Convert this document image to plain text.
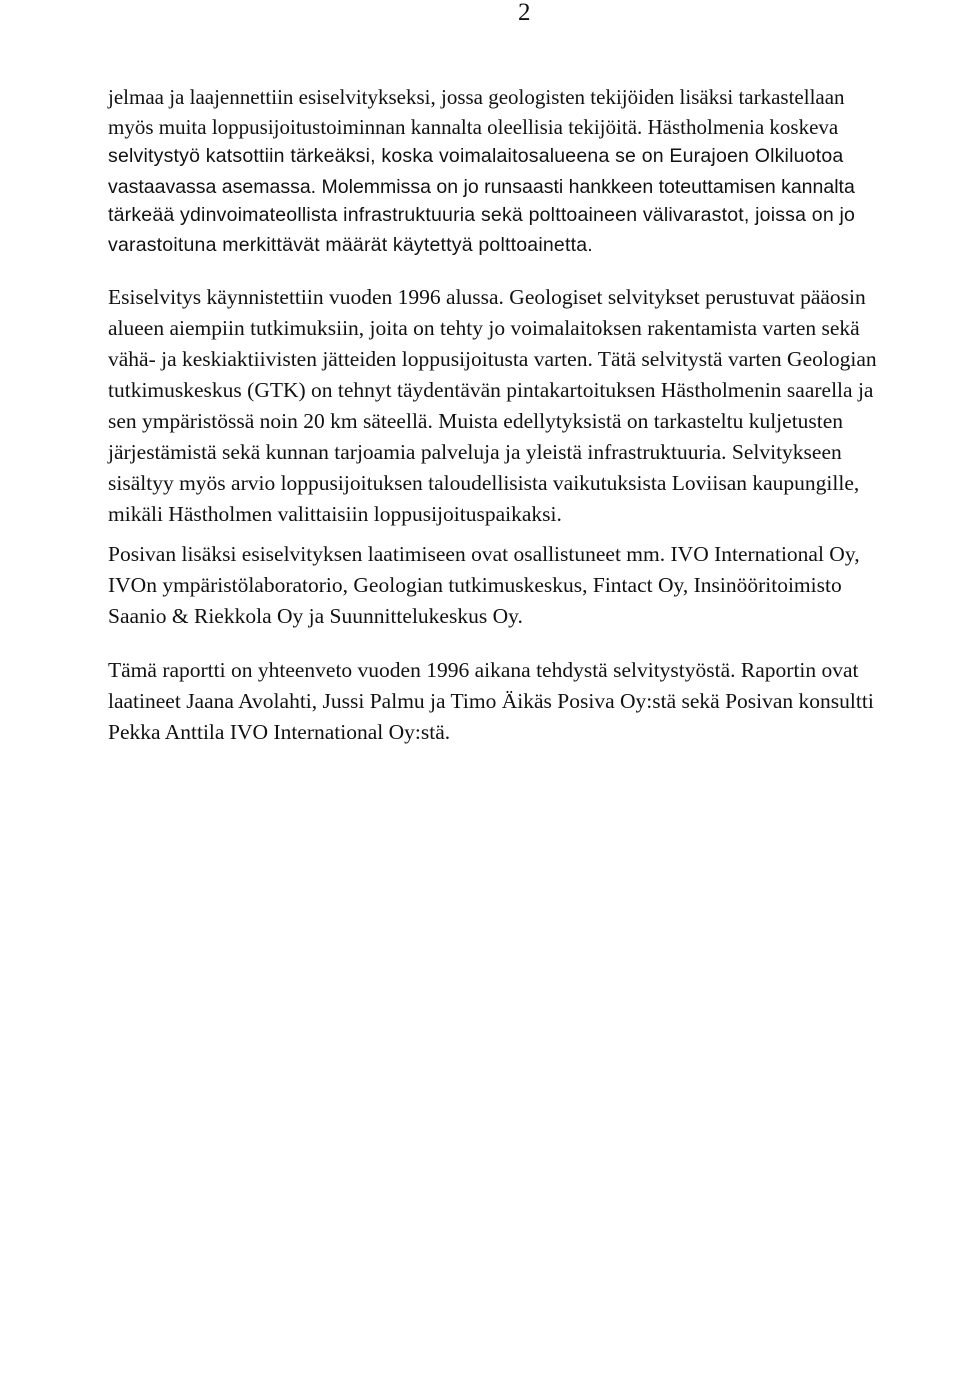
2
jelmaa ja laajennettiin esiselvitykseksi, jossa geologisten tekijöiden lisäksi tarkastellaan
myös muita loppusijoitustoiminnan kannalta oleellisia tekijöitä. Hästholmenia koskeva
selvitystyö katsottiin tärkeäksi, koska voimalaitosalueena se on Eurajoen Olkiluotoa
vastaavassa asemassa. Molemmissa on jo runsaasti hankkeen toteuttamisen kannalta
tärkeää ydinvoimateollista infrastruktuuria sekä polttoaineen välivarastot, joissa on jo
varastoituna merkittävät määrät käytettyä polttoainetta.
Esiselvitys käynnistettiin vuoden 1996 alussa. Geologiset selvitykset perustuvat pääosin
alueen aiempiin tutkimuksiin, joita on tehty jo voimalaitoksen rakentamista varten sekä
vähä- ja keskiaktiivisten jätteiden loppusijoitusta varten. Tätä selvitystä varten Geologian
tutkimuskeskus (GTK) on tehnyt täydentävän pintakartoituksen Hästholmenin saarella ja
sen ympäristössä noin 20 km säteellä. Muista edellytyksistä on tarkasteltu kuljetusten
järjestämistä sekä kunnan tarjoamia palveluja ja yleistä infrastruktuuria. Selvitykseen
sisältyy myös arvio loppusijoituksen taloudellisista vaikutuksista Loviisan kaupungille,
mikäli Hästholmen valittaisiin loppusijoituspaikaksi.
Posivan lisäksi esiselvityksen laatimiseen ovat osallistuneet mm. IVO International Oy,
IVOn ympäristölaboratorio, Geologian tutkimuskeskus, Fintact Oy, Insinööritoimisto
Saanio & Riekkola Oy ja Suunnittelukeskus Oy.
Tämä raportti on yhteenveto vuoden 1996 aikana tehdystä selvitystyöstä. Raportin ovat
laatineet Jaana Avolahti, Jussi Palmu ja Timo Äikäs Posiva Oy:stä sekä Posivan konsultti
Pekka Anttila IVO International Oy:stä.
